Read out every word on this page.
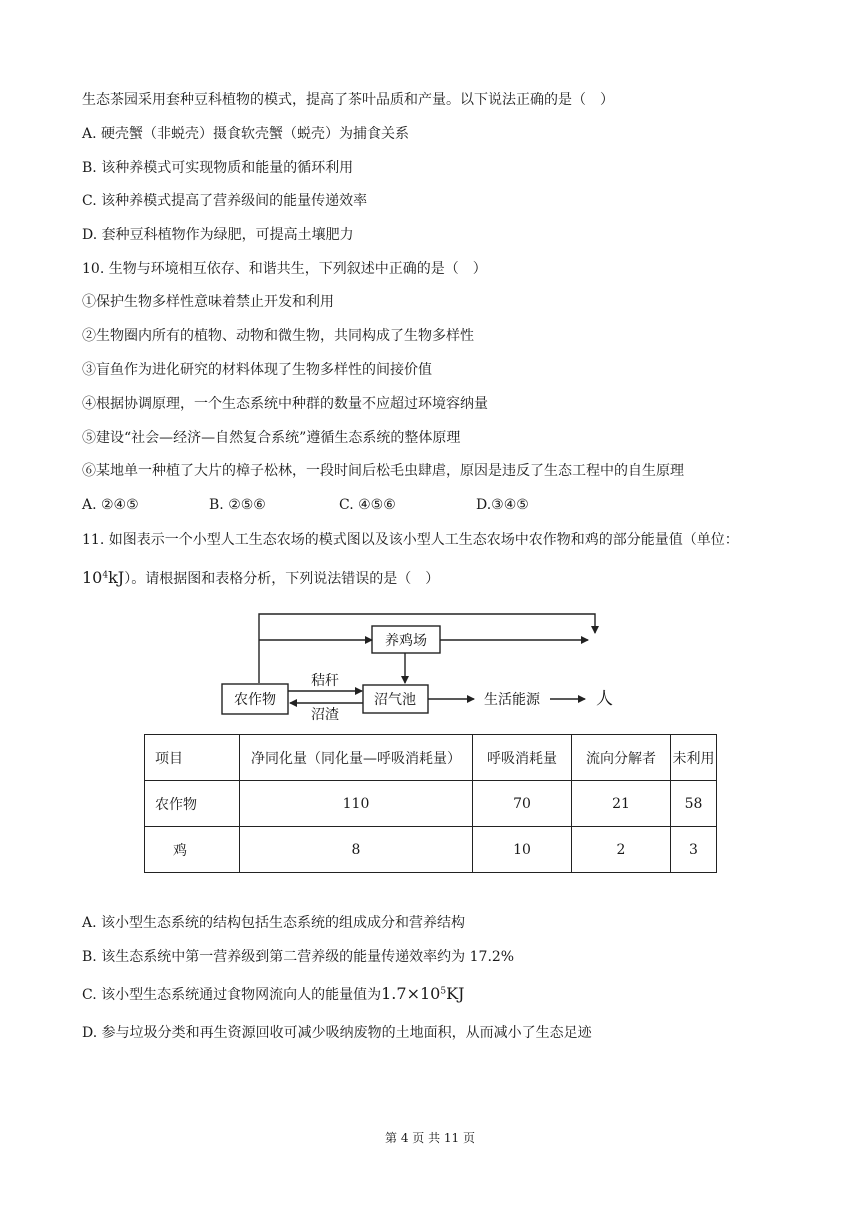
生态茶园采用套种豆科植物的模式，提高了茶叶品质和产量。以下说法正确的是（　）
A. 硬壳蟹（非蜕壳）摄食软壳蟹（蜕壳）为捕食关系
B. 该种养模式可实现物质和能量的循环利用
C. 该种养模式提高了营养级间的能量传递效率
D. 套种豆科植物作为绿肥，可提高土壤肥力
10. 生物与环境相互依存、和谐共生，下列叙述中正确的是（　）
①保护生物多样性意味着禁止开发和利用
②生物圈内所有的植物、动物和微生物，共同构成了生物多样性
③盲鱼作为进化研究的材料体现了生物多样性的间接价值
④根据协调原理，一个生态系统中种群的数量不应超过环境容纳量
⑤建设“社会—经济—自然复合系统”遵循生态系统的整体原理
⑥某地单一种植了大片的樟子松林，一段时间后松毛虫肆虐，原因是违反了生态工程中的自生原理
A. ②④⑤	B. ②⑤⑥	C. ④⑤⑥	D.③④⑤
11. 如图表示一个小型人工生态农场的模式图以及该小型人工生态农场中农作物和鸡的部分能量值（单位：
$10^4kJ$）。请根据图和表格分析，下列说法错误的是（　）
养鸡场
农作物	沼气池
秸秆
沼渣
生活能源	人
项目	净同化量（同化量—呼吸消耗量）	呼吸消耗量	流向分解者	未利用
农作物	110	70	21	58
鸡	8	10	2	3
A. 该小型生态系统的结构包括生态系统的组成成分和营养结构
B. 该生态系统中第一营养级到第二营养级的能量传递效率约为 17.2%
C. 该小型生态系统通过食物网流向人的能量值为$1.7\times 10^5KJ$
D. 参与垃圾分类和再生资源回收可减少吸纳废物的土地面积，从而减小了生态足迹
第 4 页 共 11 页
